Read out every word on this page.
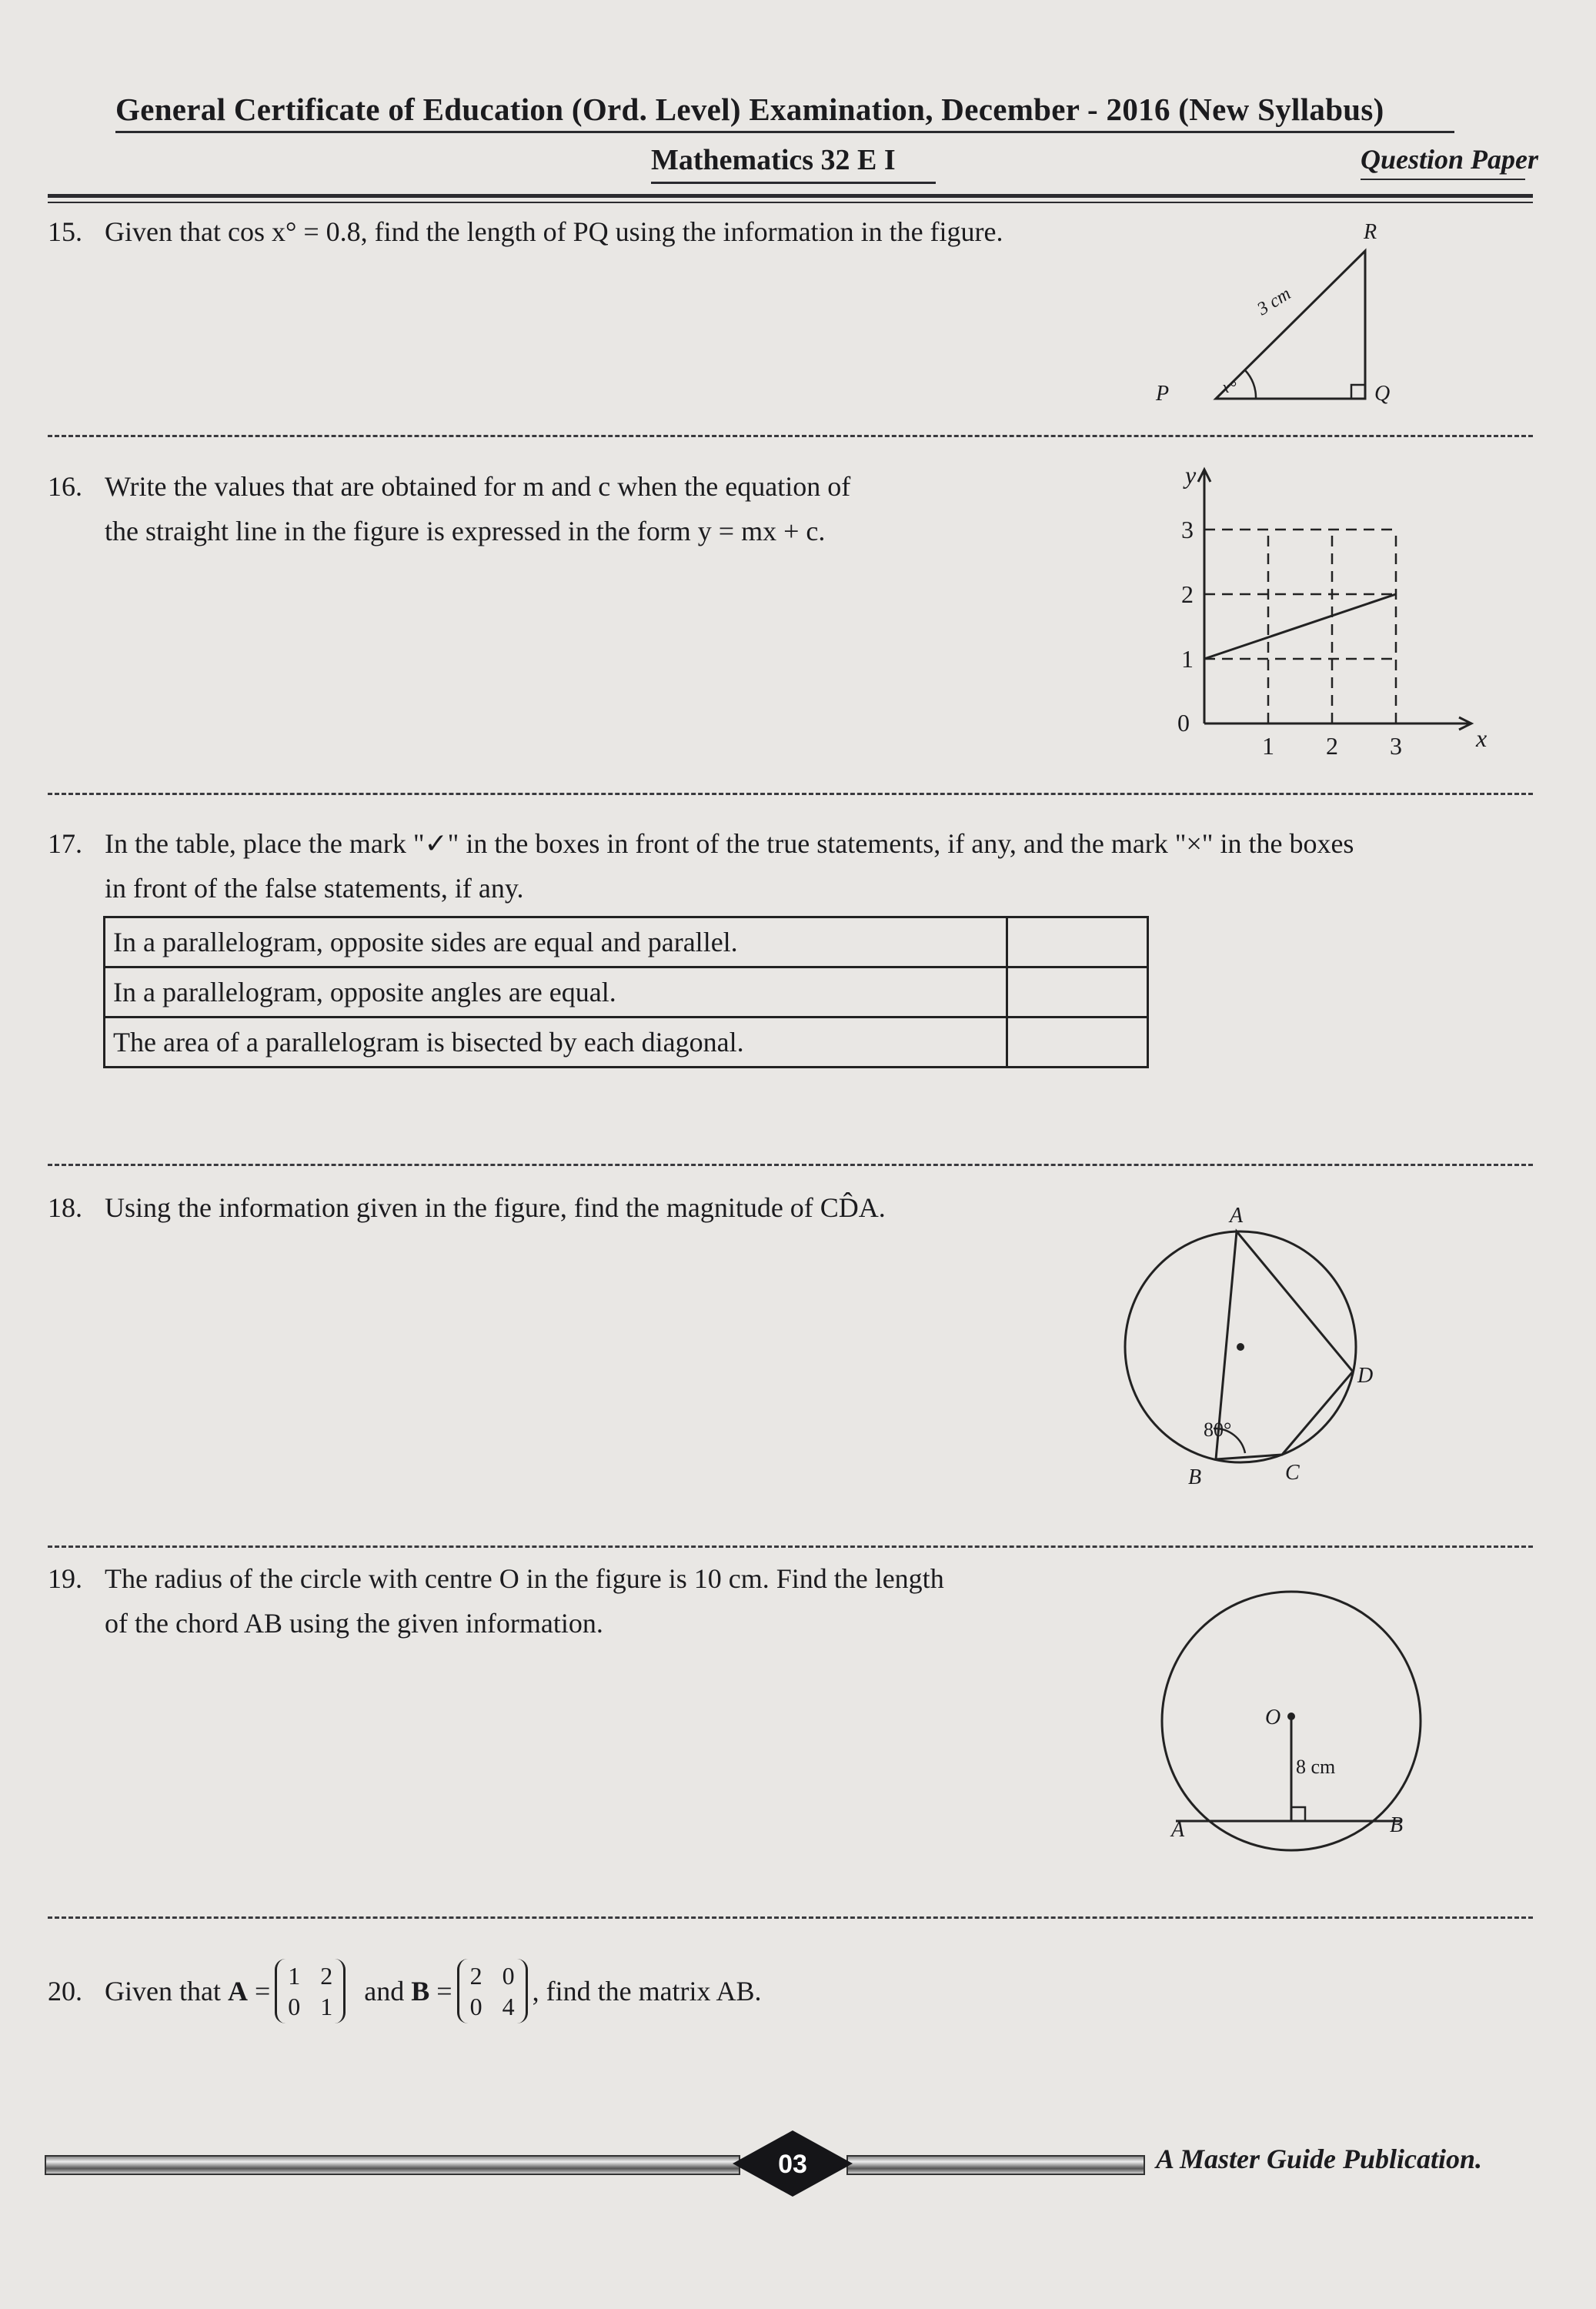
General Certificate of Education (Ord. Level) Examination, December - 2016 (New Syllabus)
Mathematics 32 E I	Question Paper
15. Given that cos x° = 0.8, find the length of PQ using the information in the figure.
x°
3 cm
R
P	Q
16. Write the values that are obtained for m and c when the equation of
the straight line in the figure is expressed in the form y = mx + c.
1 2 3
1
2
3
0
x
y
17. In the table, place the mark "✓" in the boxes in front of the true statements, if any, and the mark "×" in the boxes
in front of the false statements, if any.
In a parallelogram, opposite sides are equal and parallel.	
In a parallelogram, opposite angles are equal.	
The area of a parallelogram is bisected by each diagonal.	
18. Using the information given in the figure, find the magnitude of CD̂A.
80°
A
B	C
D
19. The radius of the circle with centre O in the figure is 10 cm. Find the length
of the chord AB using the given information.
O
8 cm
A	B
20. Given that
A = 1 2
0 1
and
B = 2 0
0 4 , find the matrix AB.
03	A Master Guide Publication.
